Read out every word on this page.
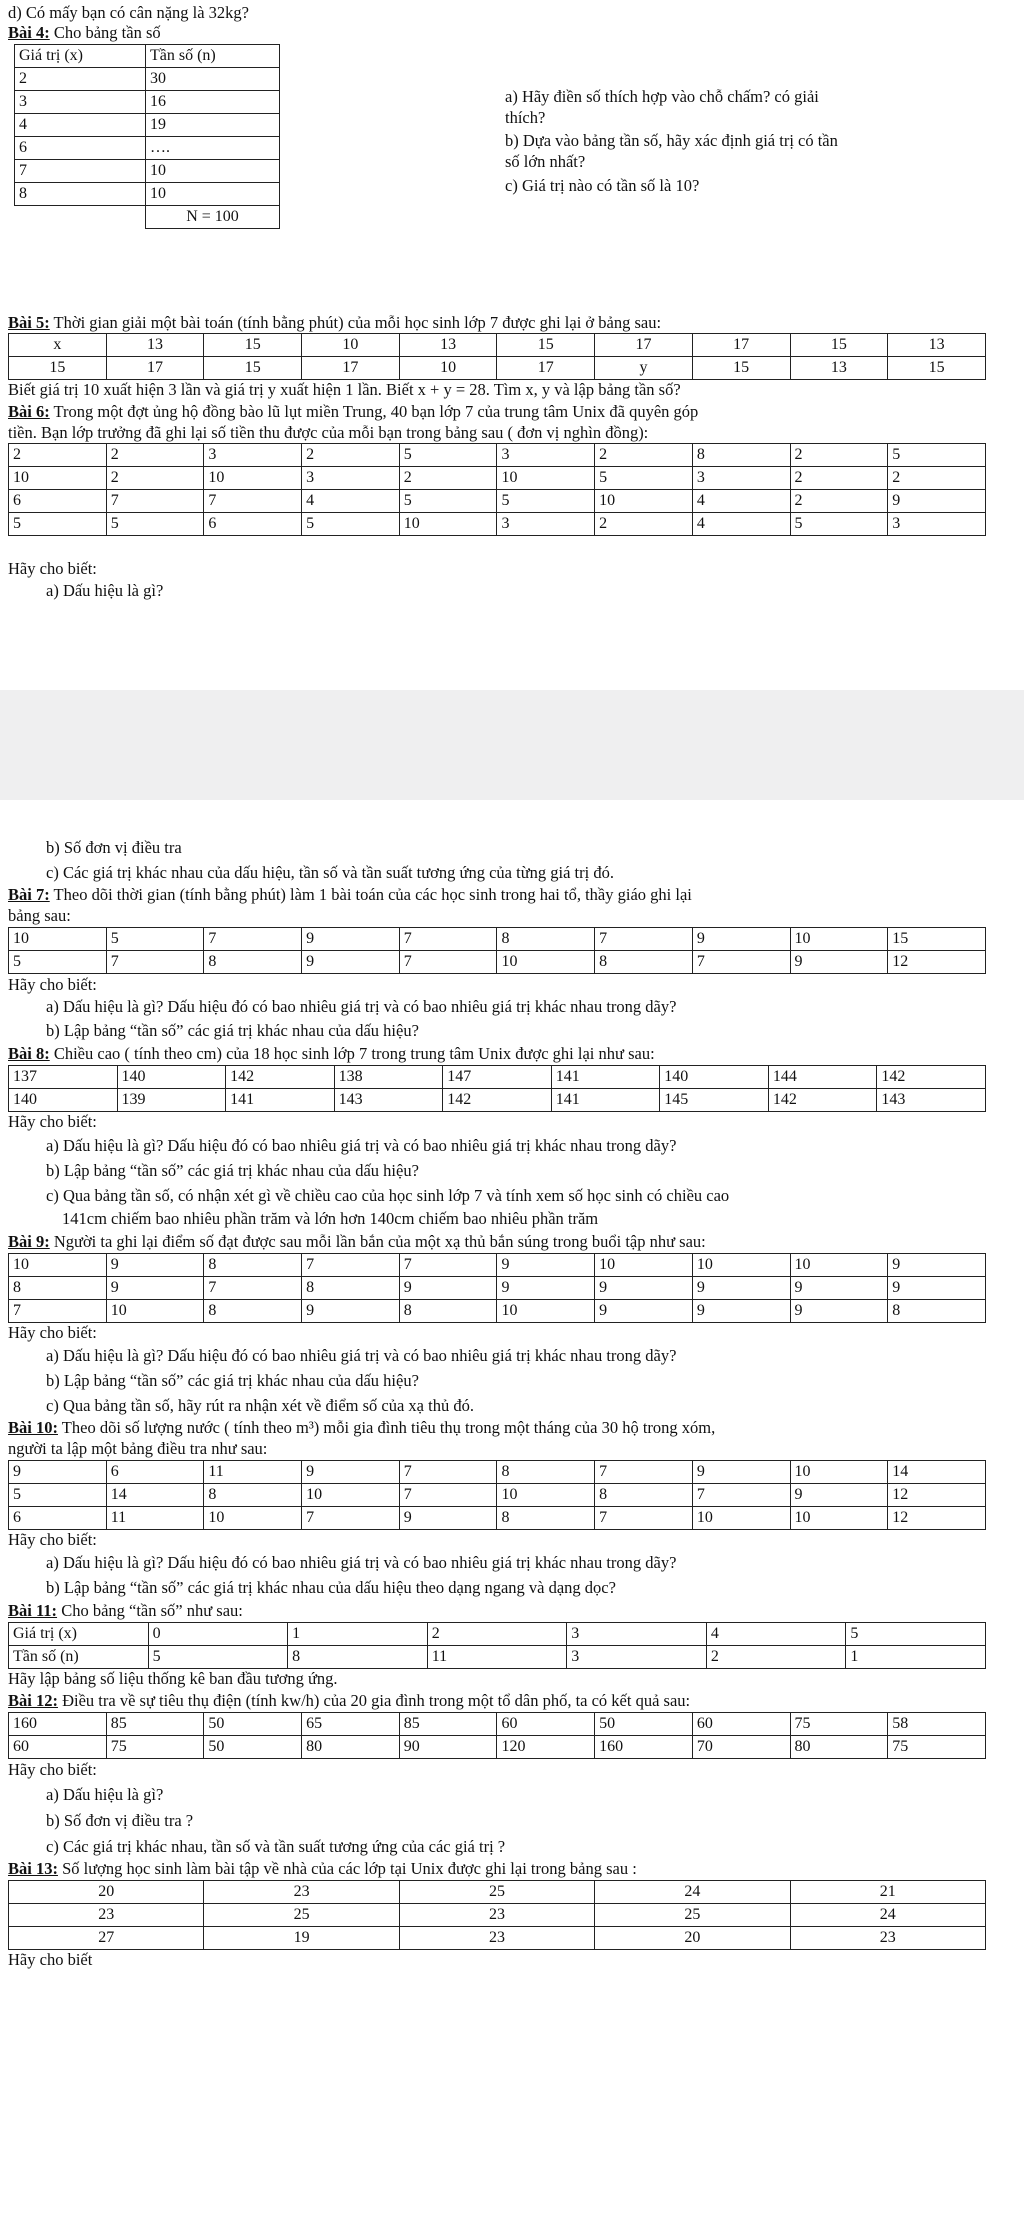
d) Có mấy bạn có cân nặng là 32kg?
Bài 4: Cho bảng tần số
Giá trị (x)	Tần số (n)
2	30
3	16
4	19
6	….
7	10
8	10
	N = 100
a) Hãy điền số thích hợp vào chỗ chấm? có giải
thích?
b) Dựa vào bảng tần số, hãy xác định giá trị có tần
số lớn nhất?
c) Giá trị nào có tần số là 10?
Bài 5: Thời gian giải một bài toán (tính bằng phút) của mỗi học sinh lớp 7 được ghi lại ở bảng sau:
x	13	15	10	13	15	17	17	15	13
15	17	15	17	10	17	y	15	13	15
Biết giá trị 10 xuất hiện 3 lần và giá trị y xuất hiện 1 lần. Biết x + y = 28. Tìm x, y và lập bảng tần số?
Bài 6: Trong một đợt ủng hộ đồng bào lũ lụt miền Trung, 40 bạn lớp 7 của trung tâm Unix đã quyên góp
tiền. Bạn lớp trưởng đã ghi lại số tiền thu được của mỗi bạn trong bảng sau ( đơn vị nghìn đồng):
2	2	3	2	5	3	2	8	2	5
10	2	10	3	2	10	5	3	2	2
6	7	7	4	5	5	10	4	2	9
5	5	6	5	10	3	2	4	5	3
Hãy cho biết:
a) Dấu hiệu là gì?
b) Số đơn vị điều tra
c) Các giá trị khác nhau của dấu hiệu, tần số và tần suất tương ứng của từng giá trị đó.
Bài 7: Theo dõi thời gian (tính bằng phút) làm 1 bài toán của các học sinh trong hai tổ, thầy giáo ghi lại
bảng sau:
10	5	7	9	7	8	7	9	10	15
5	7	8	9	7	10	8	7	9	12
Hãy cho biết:
a) Dấu hiệu là gì? Dấu hiệu đó có bao nhiêu giá trị và có bao nhiêu giá trị khác nhau trong dãy?
b) Lập bảng “tần số” các giá trị khác nhau của dấu hiệu?
Bài 8: Chiều cao ( tính theo cm) của 18 học sinh lớp 7 trong trung tâm Unix được ghi lại như sau:
137	140	142	138	147	141	140	144	142
140	139	141	143	142	141	145	142	143
Hãy cho biết:
a) Dấu hiệu là gì? Dấu hiệu đó có bao nhiêu giá trị và có bao nhiêu giá trị khác nhau trong dãy?
b) Lập bảng “tần số” các giá trị khác nhau của dấu hiệu?
c) Qua bảng tần số, có nhận xét gì về chiều cao của học sinh lớp 7 và tính xem số học sinh có chiều cao
141cm chiếm bao nhiêu phần trăm và lớn hơn 140cm chiếm bao nhiêu phần trăm
Bài 9: Người ta ghi lại điểm số đạt được sau mỗi lần bắn của một xạ thủ bắn súng trong buổi tập như sau:
10	9	8	7	7	9	10	10	10	9
8	9	7	8	9	9	9	9	9	9
7	10	8	9	8	10	9	9	9	8
Hãy cho biết:
a) Dấu hiệu là gì? Dấu hiệu đó có bao nhiêu giá trị và có bao nhiêu giá trị khác nhau trong dãy?
b) Lập bảng “tần số” các giá trị khác nhau của dấu hiệu?
c) Qua bảng tần số, hãy rút ra nhận xét về điểm số của xạ thủ đó.
Bài 10: Theo dõi số lượng nước ( tính theo m³) mỗi gia đình tiêu thụ trong một tháng của 30 hộ trong xóm,
người ta lập một bảng điều tra như sau:
9	6	11	9	7	8	7	9	10	14
5	14	8	10	7	10	8	7	9	12
6	11	10	7	9	8	7	10	10	12
Hãy cho biết:
a) Dấu hiệu là gì? Dấu hiệu đó có bao nhiêu giá trị và có bao nhiêu giá trị khác nhau trong dãy?
b) Lập bảng “tần số” các giá trị khác nhau của dấu hiệu theo dạng ngang và dạng dọc?
Bài 11: Cho bảng “tần số” như sau:
Giá trị (x)	0	1	2	3	4	5
Tần số (n)	5	8	11	3	2	1
Hãy lập bảng số liệu thống kê ban đầu tương ứng.
Bài 12: Điều tra về sự tiêu thụ điện (tính kw/h) của 20 gia đình trong một tổ dân phố, ta có kết quả sau:
160	85	50	65	85	60	50	60	75	58
60	75	50	80	90	120	160	70	80	75
Hãy cho biết:
a) Dấu hiệu là gì?
b) Số đơn vị điều tra ?
c) Các giá trị khác nhau, tần số và tần suất tương ứng của các giá trị ?
Bài 13: Số lượng học sinh làm bài tập về nhà của các lớp tại Unix được ghi lại trong bảng sau :
20	23	25	24	21
23	25	23	25	24
27	19	23	20	23
Hãy cho biết
